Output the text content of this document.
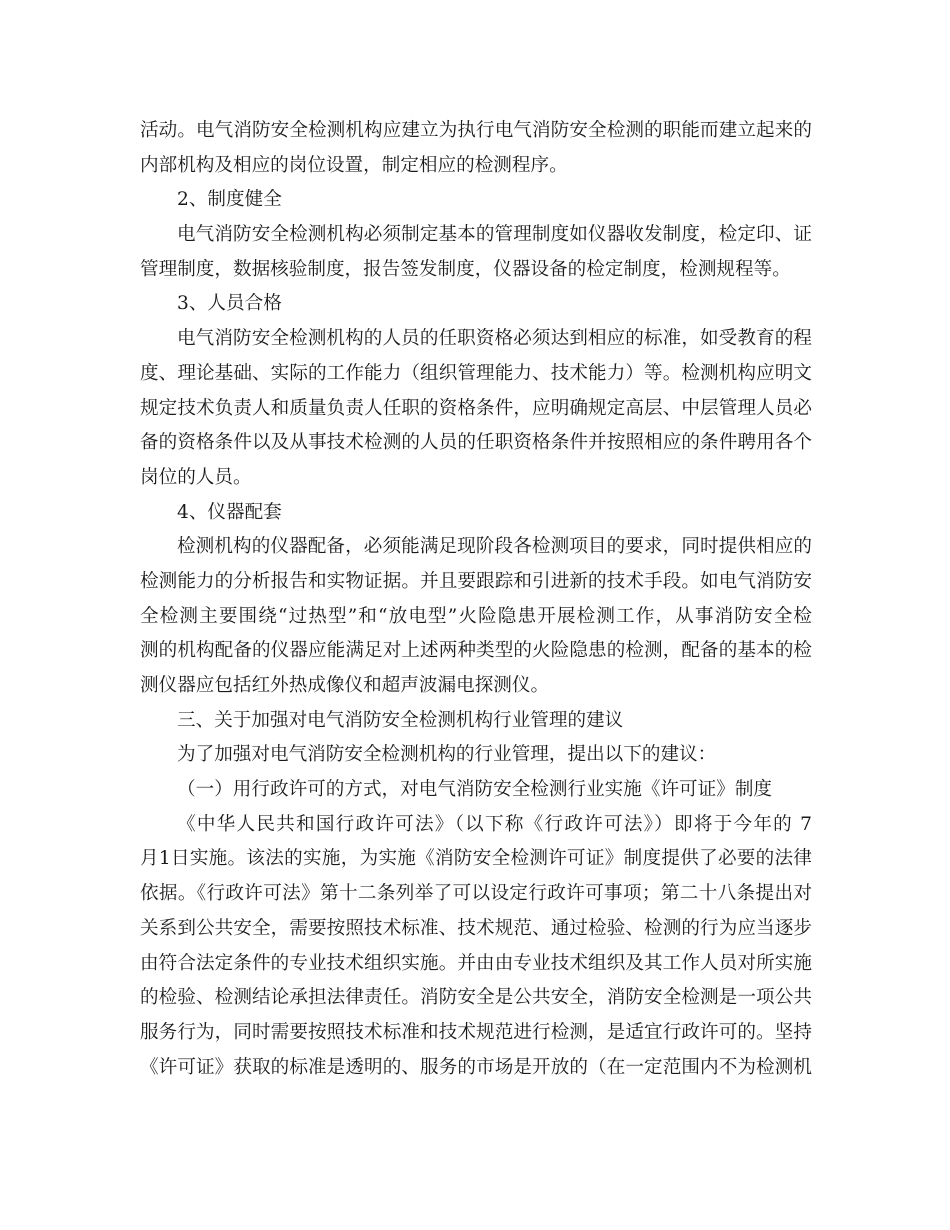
活动。电气消防安全检测机构应建立为执行电气消防安全检测的职能而建立起来的
内部机构及相应的岗位设置，制定相应的检测程序。
2、制度健全
电气消防安全检测机构必须制定基本的管理制度如仪器收发制度，检定印、证
管理制度，数据核验制度，报告签发制度，仪器设备的检定制度，检测规程等。
3、人员合格
电气消防安全检测机构的人员的任职资格必须达到相应的标准，如受教育的程
度、理论基础、实际的工作能力（组织管理能力、技术能力）等。检测机构应明文
规定技术负责人和质量负责人任职的资格条件，应明确规定高层、中层管理人员必
备的资格条件以及从事技术检测的人员的任职资格条件并按照相应的条件聘用各个
岗位的人员。
4、仪器配套
检测机构的仪器配备，必须能满足现阶段各检测项目的要求，同时提供相应的
检测能力的分析报告和实物证据。并且要跟踪和引进新的技术手段。如电气消防安
全检测主要围绕“过热型”和“放电型”火险隐患开展检测工作，从事消防安全检
测的机构配备的仪器应能满足对上述两种类型的火险隐患的检测，配备的基本的检
测仪器应包括红外热成像仪和超声波漏电探测仪。
三、关于加强对电气消防安全检测机构行业管理的建议
为了加强对电气消防安全检测机构的行业管理，提出以下的建议：
（一）用行政许可的方式，对电气消防安全检测行业实施《许可证》制度
《中华人民共和国行政许可法》（以下称《行政许可法》）即将于今年的 7
月1日实施。该法的实施，为实施《消防安全检测许可证》制度提供了必要的法律
依据。《行政许可法》第十二条列举了可以设定行政许可事项；第二十八条提出对
关系到公共安全，需要按照技术标准、技术规范、通过检验、检测的行为应当逐步
由符合法定条件的专业技术组织实施。并由由专业技术组织及其工作人员对所实施
的检验、检测结论承担法律责任。消防安全是公共安全，消防安全检测是一项公共
服务行为，同时需要按照技术标准和技术规范进行检测，是适宜行政许可的。坚持
《许可证》获取的标准是透明的、服务的市场是开放的（在一定范围内不为检测机
